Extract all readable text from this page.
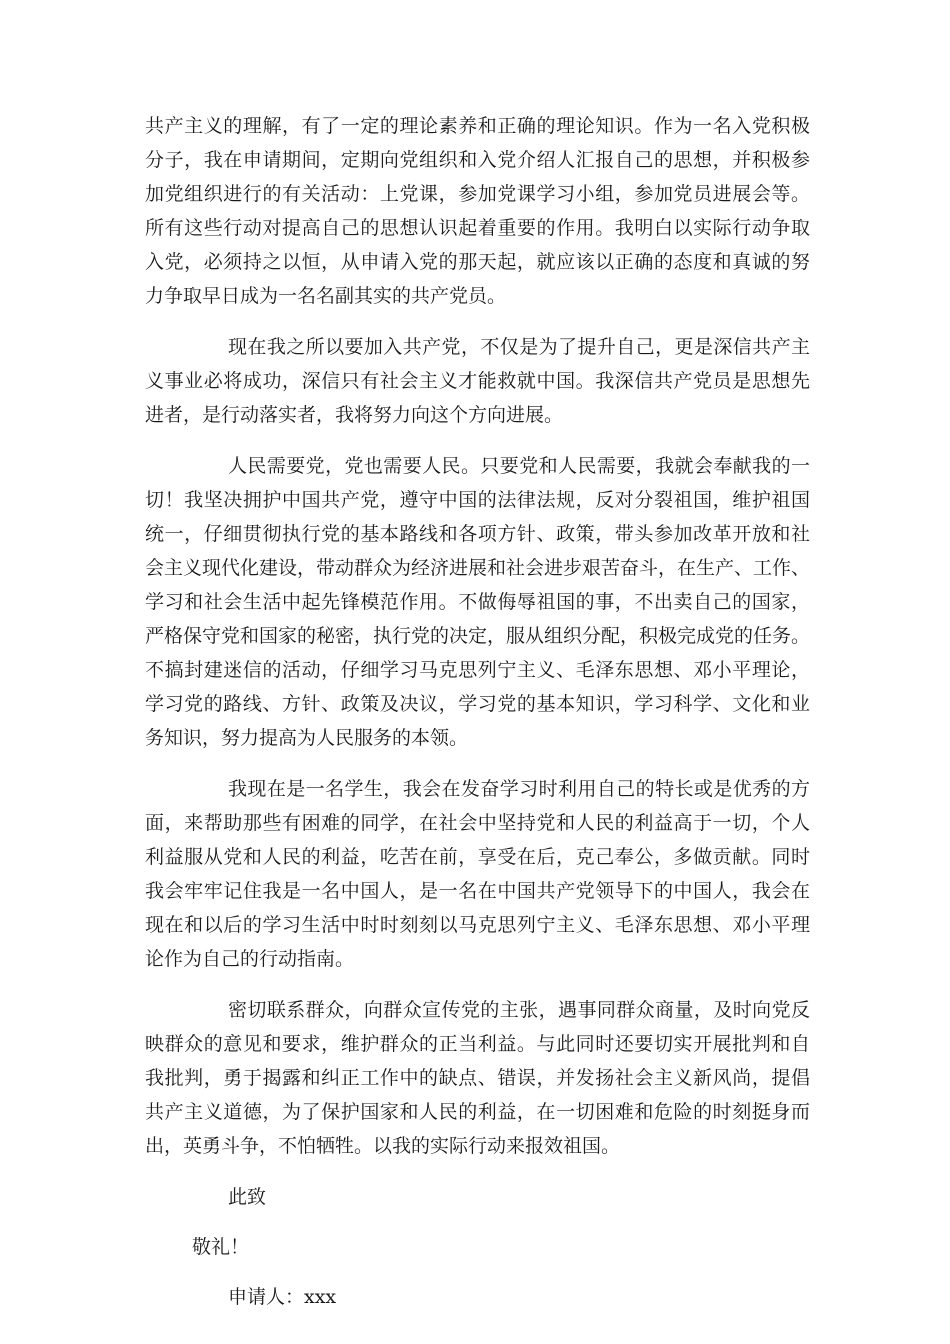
共产主义的理解，有了一定的理论素养和正确的理论知识。作为一名入党积极
分子，我在申请期间，定期向党组织和入党介绍人汇报自己的思想，并积极参
加党组织进行的有关活动：上党课，参加党课学习小组，参加党员进展会等。
所有这些行动对提高自己的思想认识起着重要的作用。我明白以实际行动争取
入党，必须持之以恒，从申请入党的那天起，就应该以正确的态度和真诚的努
力争取早日成为一名名副其实的共产党员。
现在我之所以要加入共产党，不仅是为了提升自己，更是深信共产主
义事业必将成功，深信只有社会主义才能救就中国。我深信共产党员是思想先
进者，是行动落实者，我将努力向这个方向进展。
人民需要党，党也需要人民。只要党和人民需要，我就会奉献我的一
切！我坚决拥护中国共产党，遵守中国的法律法规，反对分裂祖国，维护祖国
统一，仔细贯彻执行党的基本路线和各项方针、政策，带头参加改革开放和社
会主义现代化建设，带动群众为经济进展和社会进步艰苦奋斗，在生产、工作、
学习和社会生活中起先锋模范作用。不做侮辱祖国的事，不出卖自己的国家，
严格保守党和国家的秘密，执行党的决定，服从组织分配，积极完成党的任务。
不搞封建迷信的活动，仔细学习马克思列宁主义、毛泽东思想、邓小平理论，
学习党的路线、方针、政策及决议，学习党的基本知识，学习科学、文化和业
务知识，努力提高为人民服务的本领。
我现在是一名学生，我会在发奋学习时利用自己的特长或是优秀的方
面，来帮助那些有困难的同学，在社会中坚持党和人民的利益高于一切，个人
利益服从党和人民的利益，吃苦在前，享受在后，克己奉公，多做贡献。同时
我会牢牢记住我是一名中国人，是一名在中国共产党领导下的中国人，我会在
现在和以后的学习生活中时时刻刻以马克思列宁主义、毛泽东思想、邓小平理
论作为自己的行动指南。
密切联系群众，向群众宣传党的主张，遇事同群众商量，及时向党反
映群众的意见和要求，维护群众的正当利益。与此同时还要切实开展批判和自
我批判，勇于揭露和纠正工作中的缺点、错误，并发扬社会主义新风尚，提倡
共产主义道德，为了保护国家和人民的利益，在一切困难和危险的时刻挺身而
出，英勇斗争，不怕牺牲。以我的实际行动来报效祖国。
此致
敬礼！
申请人：xxx
